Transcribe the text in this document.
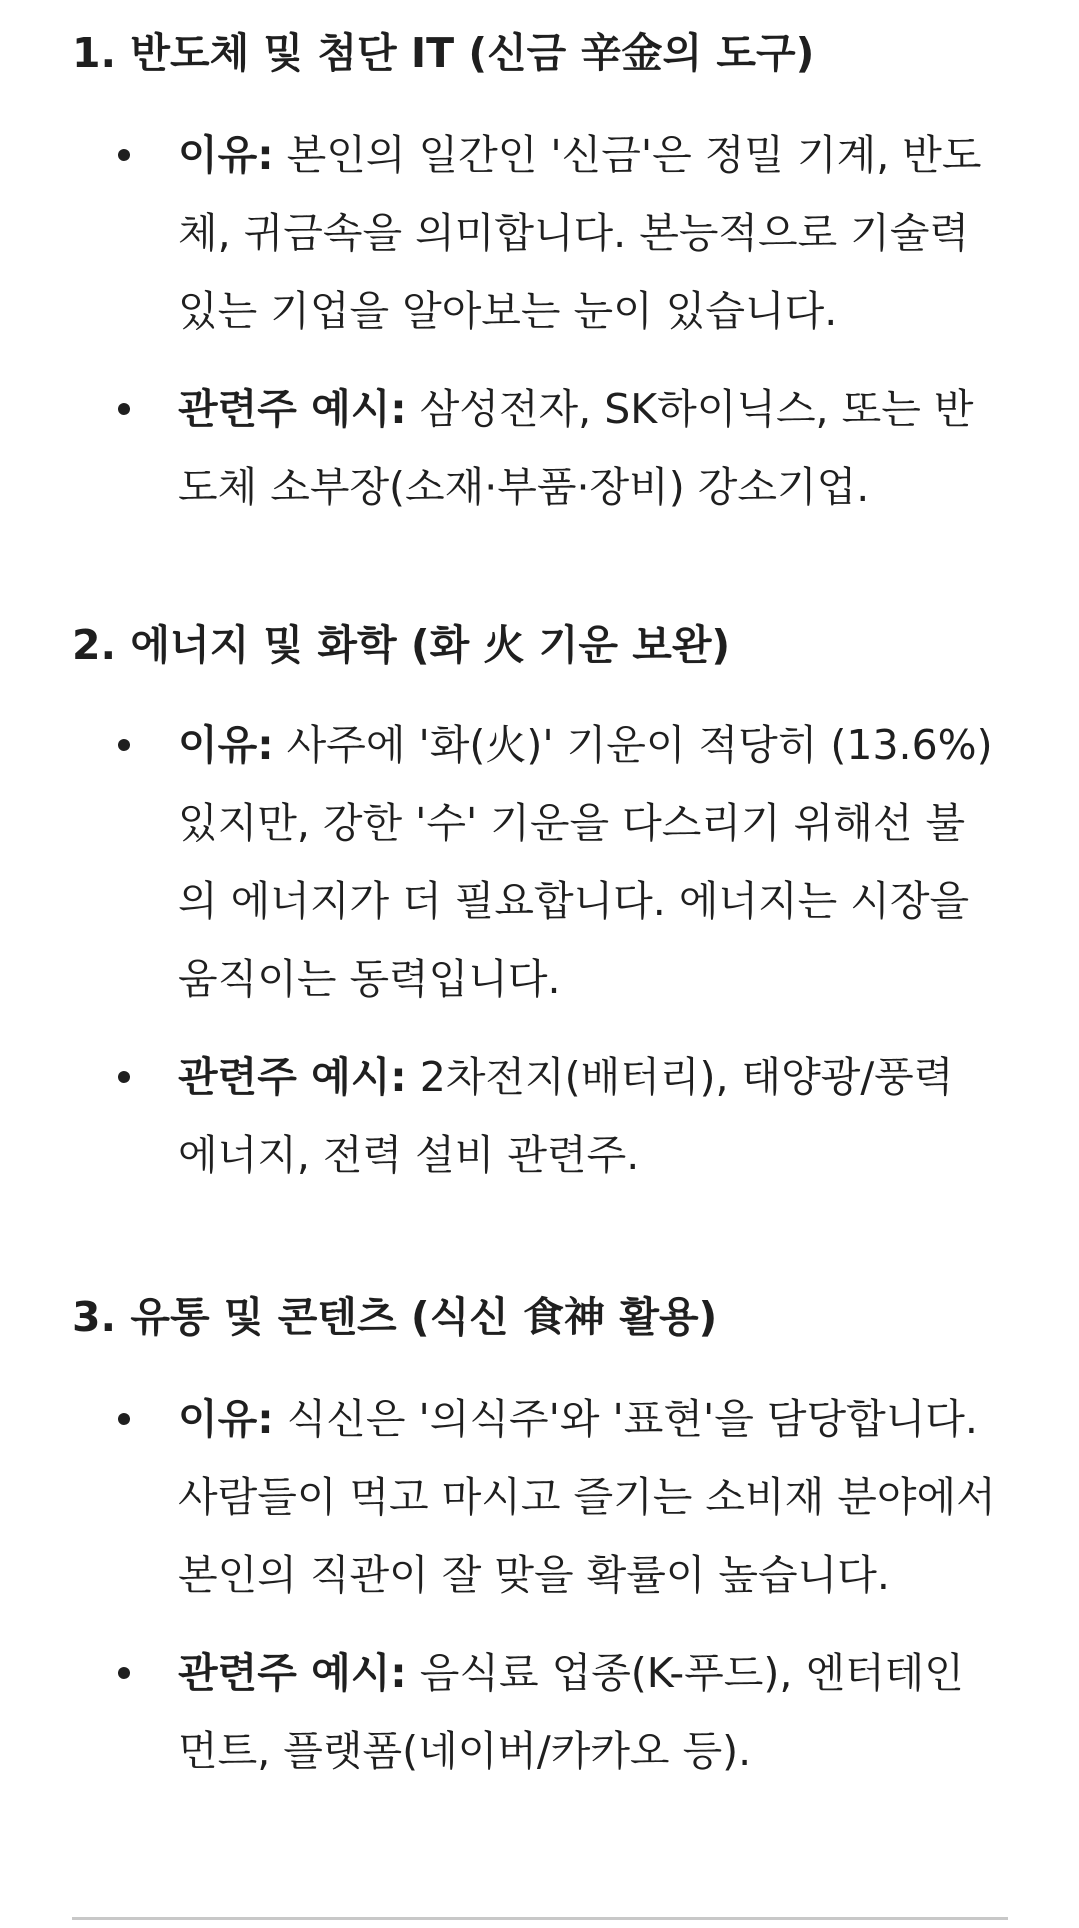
1. 반도체 및 첨단 IT (신금 辛金의 도구)
이유: 본인의 일간인 '신금'은 정밀 기계, 반도체, 귀금속을 의미합니다. 본능적으로 기술력 있는 기업을 알아보는 눈이 있습니다.
관련주 예시: 삼성전자, SK하이닉스, 또는 반도체 소부장(소재·부품·장비) 강소기업.
2. 에너지 및 화학 (화 火 기운 보완)
이유: 사주에 '화(火)' 기운이 적당히 (13.6%) 있지만, 강한 '수' 기운을 다스리기 위해선 불의 에너지가 더 필요합니다. 에너지는 시장을 움직이는 동력입니다.
관련주 예시: 2차전지(배터리), 태양광/풍력 에너지, 전력 설비 관련주.
3. 유통 및 콘텐츠 (식신 食神 활용)
이유: 식신은 '의식주'와 '표현'을 담당합니다. 사람들이 먹고 마시고 즐기는 소비재 분야에서 본인의 직관이 잘 맞을 확률이 높습니다.
관련주 예시: 음식료 업종(K-푸드), 엔터테인먼트, 플랫폼(네이버/카카오 등).
